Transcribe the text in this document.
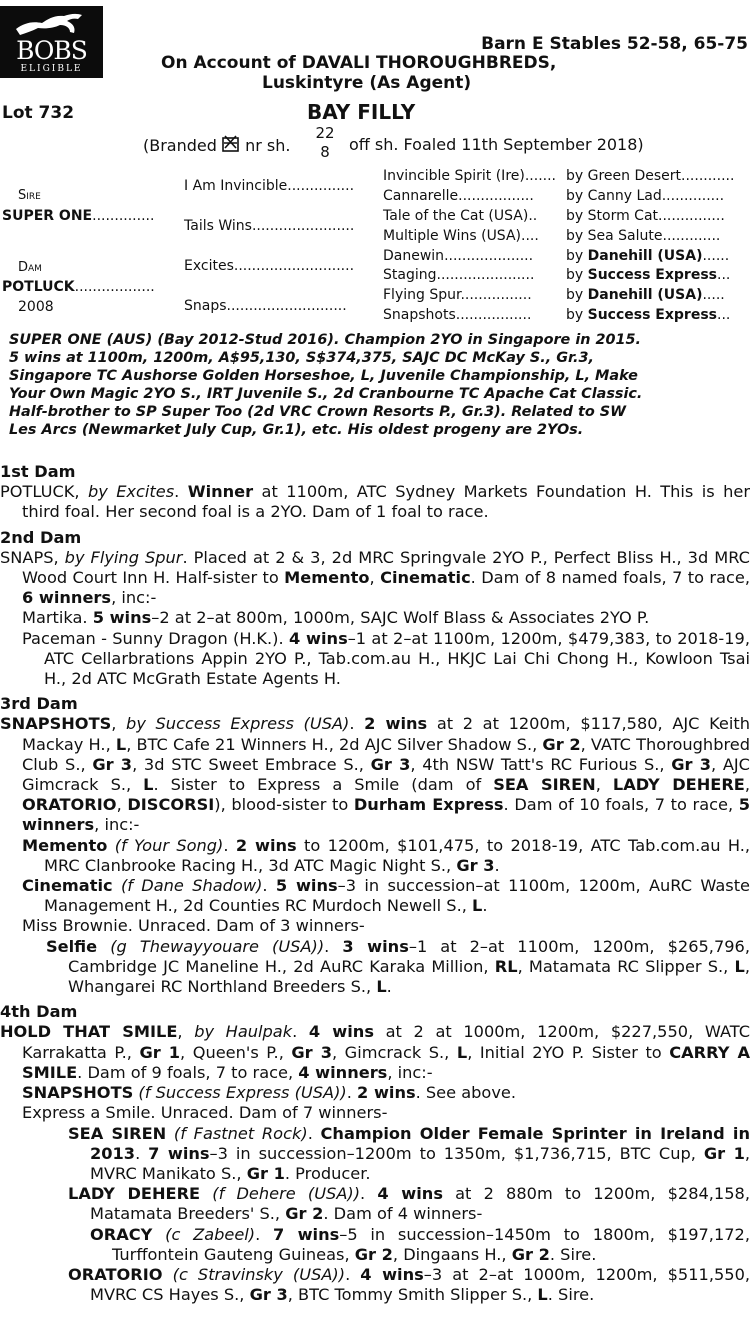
BOBS
ELIGIBLE
Barn E Stables 52-58, 65-75
On Account of DAVALI THOROUGHBREDS,
Luskintyre (As Agent)
Lot 732	BAY FILLY
(Branded nr sh.
22
8	off sh. Foaled 11th September 2018)
Sire
SUPER ONE..............
Dam
POTLUCK..................
2008
I Am Invincible...............
Tails Wins.......................
Excites...........................
Snaps...........................
Invincible Spirit (Ire).......
Cannarelle.................
Tale of the Cat (USA)..
Multiple Wins (USA)....
Danewin....................
Staging......................
Flying Spur................
Snapshots.................
by Green Desert............
by Canny Lad..............
by Storm Cat...............
by Sea Salute.............
by Danehill (USA)......
by Success Express...
by Danehill (USA).....
by Success Express...
SUPER ONE (AUS) (Bay 2012-Stud 2016). Champion 2YO in Singapore in 2015.
5 wins at 1100m, 1200m, A$95,130, S$374,375, SAJC DC McKay S., Gr.3,
Singapore TC Aushorse Golden Horseshoe, L, Juvenile Championship, L, Make
Your Own Magic 2YO S., IRT Juvenile S., 2d Cranbourne TC Apache Cat Classic.
Half-brother to SP Super Too (2d VRC Crown Resorts P., Gr.3). Related to SW
Les Arcs (Newmarket July Cup, Gr.1), etc. His oldest progeny are 2YOs.
1st Dam
POTLUCK, by Excites. Winner at 1100m, ATC Sydney Markets Foundation H. This is her third foal. Her second foal is a 2YO. Dam of 1 foal to race.
2nd Dam
SNAPS, by Flying Spur. Placed at 2 & 3, 2d MRC Springvale 2YO P., Perfect Bliss H., 3d MRC Wood Court Inn H. Half-sister to Memento, Cinematic. Dam of 8 named foals, 7 to race, 6 winners, inc:-
Martika. 5 wins–2 at 2–at 800m, 1000m, SAJC Wolf Blass & Associates 2YO P.
Paceman - Sunny Dragon (H.K.). 4 wins–1 at 2–at 1100m, 1200m, $479,383, to 2018-19, ATC Cellarbrations Appin 2YO P., Tab.com.au H., HKJC Lai Chi Chong H., Kowloon Tsai H., 2d ATC McGrath Estate Agents H.
3rd Dam
SNAPSHOTS, by Success Express (USA). 2 wins at 2 at 1200m, $117,580, AJC Keith Mackay H., L, BTC Cafe 21 Winners H., 2d AJC Silver Shadow S., Gr 2, VATC Thoroughbred Club S., Gr 3, 3d STC Sweet Embrace S., Gr 3, 4th NSW Tatt's RC Furious S., Gr 3, AJC Gimcrack S., L. Sister to Express a Smile (dam of SEA SIREN, LADY DEHERE, ORATORIO, DISCORSI), blood-sister to Durham Express. Dam of 10 foals, 7 to race, 5 winners, inc:-
Memento (f Your Song). 2 wins to 1200m, $101,475, to 2018-19, ATC Tab.com.au H., MRC Clanbrooke Racing H., 3d ATC Magic Night S., Gr 3.
Cinematic (f Dane Shadow). 5 wins–3 in succession–at 1100m, 1200m, AuRC Waste Management H., 2d Counties RC Murdoch Newell S., L.
Miss Brownie. Unraced. Dam of 3 winners-
Selfie (g Thewayyouare (USA)). 3 wins–1 at 2–at 1100m, 1200m, $265,796, Cambridge JC Maneline H., 2d AuRC Karaka Million, RL, Matamata RC Slipper S., L, Whangarei RC Northland Breeders S., L.
4th Dam
HOLD THAT SMILE, by Haulpak. 4 wins at 2 at 1000m, 1200m, $227,550, WATC Karrakatta P., Gr 1, Queen's P., Gr 3, Gimcrack S., L, Initial 2YO P. Sister to CARRY A SMILE. Dam of 9 foals, 7 to race, 4 winners, inc:-
SNAPSHOTS (f Success Express (USA)). 2 wins. See above.
Express a Smile. Unraced. Dam of 7 winners-
SEA SIREN (f Fastnet Rock). Champion Older Female Sprinter in Ireland in 2013. 7 wins–3 in succession–1200m to 1350m, $1,736,715, BTC Cup, Gr 1, MVRC Manikato S., Gr 1. Producer.
LADY DEHERE (f Dehere (USA)). 4 wins at 2 880m to 1200m, $284,158, Matamata Breeders' S., Gr 2. Dam of 4 winners-
ORACY (c Zabeel). 7 wins–5 in succession–1450m to 1800m, $197,172, Turffontein Gauteng Guineas, Gr 2, Dingaans H., Gr 2. Sire.
ORATORIO (c Stravinsky (USA)). 4 wins–3 at 2–at 1000m, 1200m, $511,550, MVRC CS Hayes S., Gr 3, BTC Tommy Smith Slipper S., L. Sire.
